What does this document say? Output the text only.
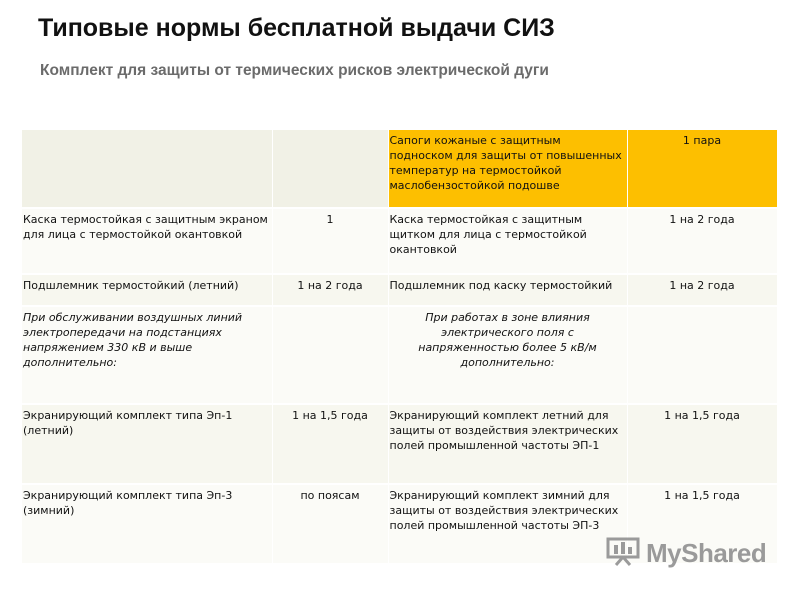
Типовые нормы бесплатной выдачи СИЗ
Комплект для защиты от термических рисков электрической дуги
		Сапоги кожаные с защитным подноском для защиты от повышенных температур на термостойкой маслобензостойкой подошве	1 пара
Каска термостойкая с защитным экраном для лица с термостойкой окантовкой	1	Каска термостойкая с защитным щитком для лица с термостойкой окантовкой	1 на 2 года
Подшлемник термостойкий (летний)	1 на 2 года	Подшлемник под каску термостойкий	1 на 2 года
При обслуживании воздушных линий электропередачи на подстанциях напряжением 330 кВ и выше дополнительно:		При работах в зоне влияния электрического поля с напряженностью более 5 кВ/м дополнительно:	
Экранирующий комплект типа Эп-1 (летний)	1 на 1,5 года	Экранирующий комплект летний для защиты от воздействия электрических полей промышленной частоты ЭП-1	1 на 1,5 года
Экранирующий комплект типа Эп-3 (зимний)	по поясам	Экранирующий комплект зимний для защиты от воздействия электрических полей промышленной частоты ЭП-3	1 на 1,5 года
MyShared
